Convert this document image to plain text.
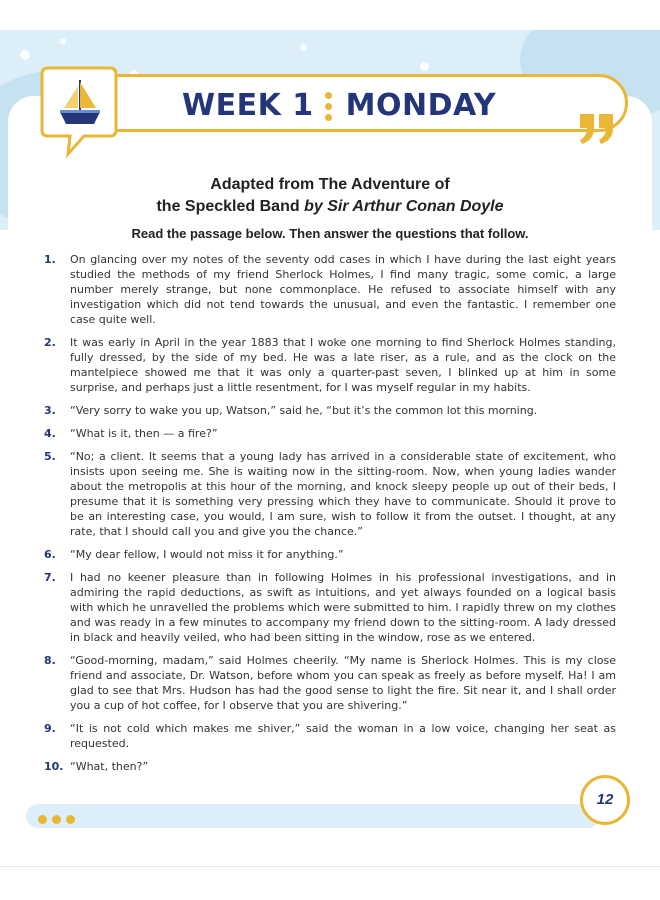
WEEK 1 MONDAY
Adapted from The Adventure of
the Speckled Band by Sir Arthur Conan Doyle
Read the passage below. Then answer the questions that follow.
1. On glancing over my notes of the seventy odd cases in which I have during the last eight years studied the methods of my friend Sherlock Holmes, I find many tragic, some comic, a large number merely strange, but none commonplace. He refused to associate himself with any investigation which did not tend towards the unusual, and even the fantastic. I remember one case quite well.
2. It was early in April in the year 1883 that I woke one morning to find Sherlock Holmes standing, fully dressed, by the side of my bed. He was a late riser, as a rule, and as the clock on the mantelpiece showed me that it was only a quarter-past seven, I blinked up at him in some surprise, and perhaps just a little resentment, for I was myself regular in my habits.
3. “Very sorry to wake you up, Watson,” said he, “but it’s the common lot this morning.
4. “What is it, then — a fire?”
5. “No; a client. It seems that a young lady has arrived in a considerable state of excitement, who insists upon seeing me. She is waiting now in the sitting-room. Now, when young ladies wander about the metropolis at this hour of the morning, and knock sleepy people up out of their beds, I presume that it is something very pressing which they have to communicate. Should it prove to be an interesting case, you would, I am sure, wish to follow it from the outset. I thought, at any rate, that I should call you and give you the chance.”
6. “My dear fellow, I would not miss it for anything.”
7. I had no keener pleasure than in following Holmes in his professional investigations, and in admiring the rapid deductions, as swift as intuitions, and yet always founded on a logical basis with which he unravelled the problems which were submitted to him. I rapidly threw on my clothes and was ready in a few minutes to accompany my friend down to the sitting-room. A lady dressed in black and heavily veiled, who had been sitting in the window, rose as we entered.
8. “Good-morning, madam,” said Holmes cheerily. “My name is Sherlock Holmes. This is my close friend and associate, Dr. Watson, before whom you can speak as freely as before myself. Ha! I am glad to see that Mrs. Hudson has had the good sense to light the fire. Sit near it, and I shall order you a cup of hot coffee, for I observe that you are shivering.”
9. “It is not cold which makes me shiver,” said the woman in a low voice, changing her seat as requested.
10. “What, then?”
12
